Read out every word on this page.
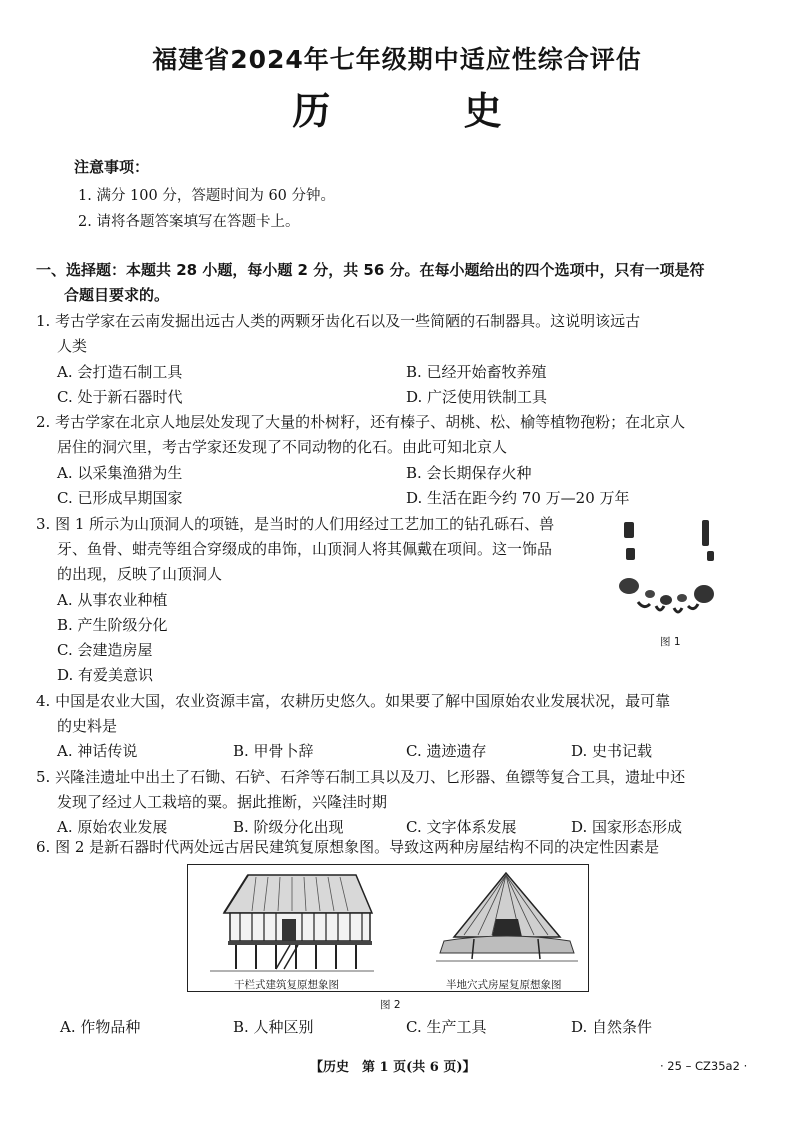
福建省2024年七年级期中适应性综合评估
历 史
注意事项：
1. 满分 100 分，答题时间为 60 分钟。
2. 请将各题答案填写在答题卡上。
一、选择题：本题共 28 小题，每小题 2 分，共 56 分。在每小题给出的四个选项中，只有一项是符
合题目要求的。
1. 考古学家在云南发掘出远古人类的两颗牙齿化石以及一些简陋的石制器具。这说明该远古
人类
A. 会打造石制工具	B. 已经开始畜牧养殖
C. 处于新石器时代	D. 广泛使用铁制工具
2. 考古学家在北京人地层处发现了大量的朴树籽，还有榛子、胡桃、松、榆等植物孢粉；在北京人
居住的洞穴里，考古学家还发现了不同动物的化石。由此可知北京人
A. 以采集渔猎为生	B. 会长期保存火种
C. 已形成早期国家	D. 生活在距今约 70 万—20 万年
3. 图 1 所示为山顶洞人的项链，是当时的人们用经过工艺加工的钻孔砾石、兽
牙、鱼骨、蚶壳等组合穿缀成的串饰，山顶洞人将其佩戴在项间。这一饰品
的出现，反映了山顶洞人
A. 从事农业种植
B. 产生阶级分化
C. 会建造房屋
D. 有爱美意识
图 1
4. 中国是农业大国，农业资源丰富，农耕历史悠久。如果要了解中国原始农业发展状况，最可靠
的史料是
A. 神话传说	B. 甲骨卜辞	C. 遗迹遗存	D. 史书记载
5. 兴隆洼遗址中出土了石锄、石铲、石斧等石制工具以及刀、匕形器、鱼镖等复合工具，遗址中还
发现了经过人工栽培的粟。据此推断，兴隆洼时期
A. 原始农业发展	B. 阶级分化出现	C. 文字体系发展	D. 国家形态形成
6. 图 2 是新石器时代两处远古居民建筑复原想象图。导致这两种房屋结构不同的决定性因素是
干栏式建筑复原想象图	半地穴式房屋复原想象图
图 2
A. 作物品种	B. 人种区别	C. 生产工具	D. 自然条件
【历史　第 1 页(共 6 页)】	· 25 – CZ35a2 ·
